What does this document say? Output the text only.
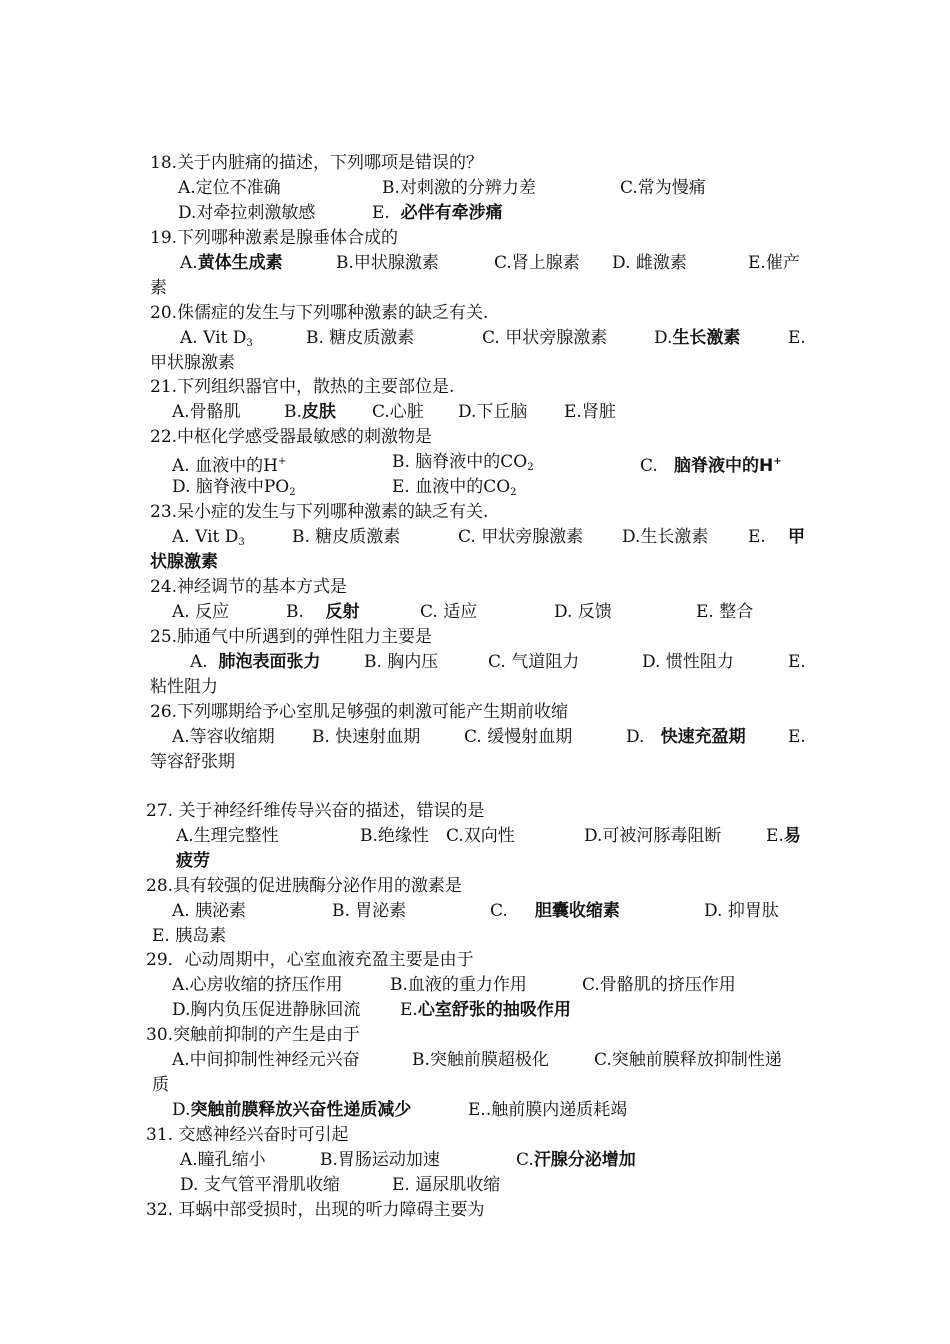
18.关于内脏痛的描述，下列哪项是错误的？
A.定位不准确	B.对刺激的分辨力差	C.常为慢痛
D.对牵拉刺激敏感	E. 必伴有牵涉痛
19.下列哪种激素是腺垂体合成的
A.黄体生成素	B.甲状腺激素	C.肾上腺素 D. 雌激素	E.催产
素
20.侏儒症的发生与下列哪种激素的缺乏有关.
A. Vit $D_3$	B. 糖皮质激素	C. 甲状旁腺激素	D.生长激素	E.
甲状腺激素
21.下列组织器官中，散热的主要部位是.
A.骨骼肌	B.皮肤 C.心脏 D.下丘脑 E.肾脏
22.中枢化学感受器最敏感的刺激物是
A. 血液中的H+	B. 脑脊液中的$CO_2$	C. 脑脊液中的H+
D. 脑脊液中$PO_2$	E. 血液中的$CO_2$
23.呆小症的发生与下列哪种激素的缺乏有关.
A. Vit $D_3$	B. 糖皮质激素	C. 甲状旁腺激素 D.生长激素 E. 甲
状腺激素
24.神经调节的基本方式是
A. 反应	B. 反射	C. 适应	D. 反馈	E. 整合
25.肺通气中所遇到的弹性阻力主要是
A. 肺泡表面张力	B. 胸内压	C. 气道阻力	D. 惯性阻力	E.
粘性阻力
26.下列哪期给予心室肌足够强的刺激可能产生期前收缩
A.等容收缩期 B. 快速射血期	C. 缓慢射血期	D. 快速充盈期 E.
等容舒张期
27. 关于神经纤维传导兴奋的描述，错误的是
A.生理完整性	B.绝缘性 C.双向性	D.可被河豚毒阻断	E.易
疲劳
28.具有较强的促进胰酶分泌作用的激素是
A. 胰泌素	B. 胃泌素	C. 胆囊收缩素	D. 抑胃肽
E. 胰岛素
29．心动周期中，心室血液充盈主要是由于
A.心房收缩的挤压作用	B.血液的重力作用	C.骨骼肌的挤压作用
D.胸内负压促进静脉回流 E.心室舒张的抽吸作用
30.突触前抑制的产生是由于
A.中间抑制性神经元兴奋	B.突触前膜超极化	C.突触前膜释放抑制性递
质
D.突触前膜释放兴奋性递质减少	E..触前膜内递质耗竭
31. 交感神经兴奋时可引起
A.瞳孔缩小	B.胃肠运动加速	C.汗腺分泌增加
D. 支气管平滑肌收缩	E. 逼尿肌收缩
32. 耳蜗中部受损时，出现的听力障碍主要为
